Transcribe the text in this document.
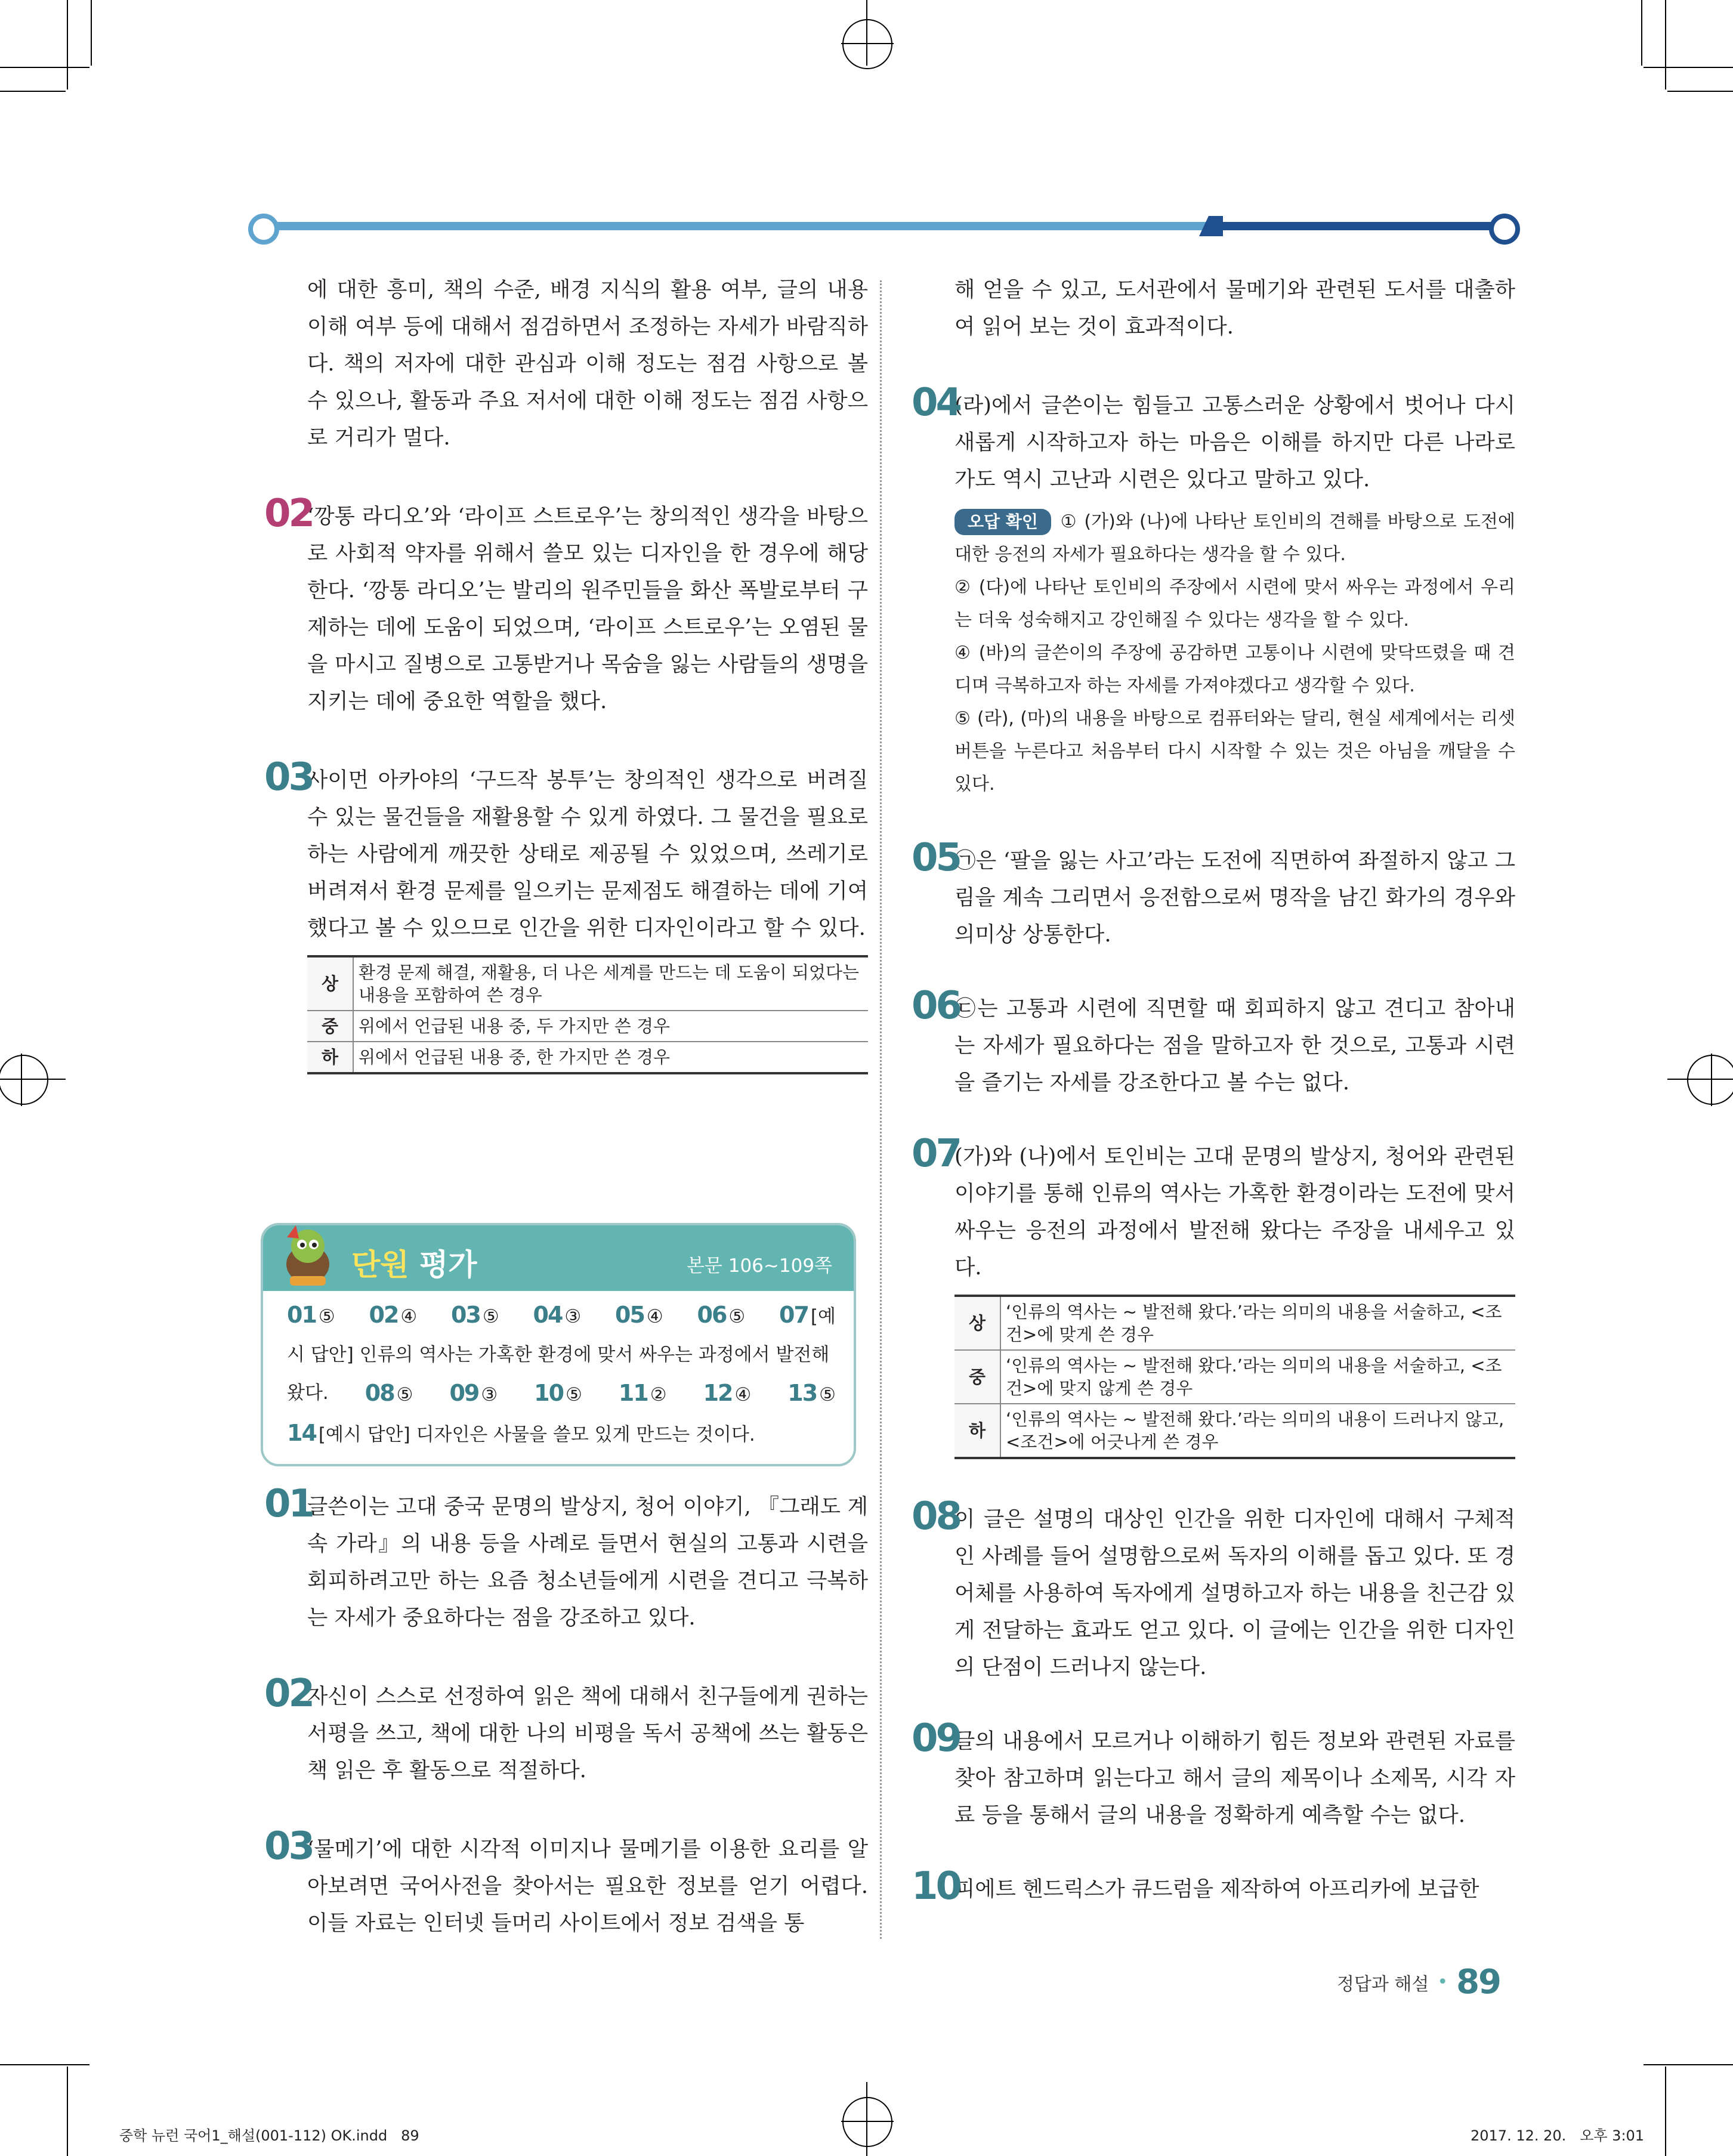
에 대한 흥미, 책의 수준, 배경 지식의 활용 여부, 글의 내용 이해 여부 등에 대해서 점검하면서 조정하는 자세가 바람직하다. 책의 저자에 대한 관심과 이해 정도는 점검 사항으로 볼 수 있으나, 활동과 주요 저서에 대한 이해 정도는 점검 사항으로 거리가 멀다.

02

‘깡통 라디오’와 ‘라이프 스트로우’는 창의적인 생각을 바탕으로 사회적 약자를 위해서 쓸모 있는 디자인을 한 경우에 해당한다. ‘깡통 라디오’는 발리의 원주민들을 화산 폭발로부터 구제하는 데에 도움이 되었으며, ‘라이프 스트로우’는 오염된 물을 마시고 질병으로 고통받거나 목숨을 잃는 사람들의 생명을 지키는 데에 중요한 역할을 했다.

03

사이먼 아카야의 ‘구드작 봉투’는 창의적인 생각으로 버려질 수 있는 물건들을 재활용할 수 있게 하였다. 그 물건을 필요로 하는 사람에게 깨끗한 상태로 제공될 수 있었으며, 쓰레기로 버려져서 환경 문제를 일으키는 문제점도 해결하는 데에 기여했다고 볼 수 있으므로 인간을 위한 디자인이라고 할 수 있다.

상	환경 문제 해결, 재활용, 더 나은 세계를 만드는 데 도움이 되었다는 내용을 포함하여 쓴 경우
중	위에서 언급된 내용 중, 두 가지만 쓴 경우
하	위에서 언급된 내용 중, 한 가지만 쓴 경우
단원 평가	본문 106~109쪽
01 ⑤ 02 ④ 03 ⑤ 04 ③ 05 ④ 06 ⑤ 07 [예
시 답안] 인류의 역사는 가혹한 환경에 맞서 싸우는 과정에서 발전해
왔다. 08 ⑤ 09 ③ 10 ⑤ 11 ② 12 ④ 13 ⑤
14 [예시 답안] 디자인은 사물을 쓸모 있게 만드는 것이다.
01

글쓴이는 고대 중국 문명의 발상지, 청어 이야기, 『그래도 계속 가라』의 내용 등을 사례로 들면서 현실의 고통과 시련을 회피하려고만 하는 요즘 청소년들에게 시련을 견디고 극복하는 자세가 중요하다는 점을 강조하고 있다.

02

자신이 스스로 선정하여 읽은 책에 대해서 친구들에게 권하는 서평을 쓰고, 책에 대한 나의 비평을 독서 공책에 쓰는 활동은 책 읽은 후 활동으로 적절하다.

03

‘물메기’에 대한 시각적 이미지나 물메기를 이용한 요리를 알아보려면 국어사전을 찾아서는 필요한 정보를 얻기 어렵다. 이들 자료는 인터넷 들머리 사이트에서 정보 검색을 통

해 얻을 수 있고, 도서관에서 물메기와 관련된 도서를 대출하여 읽어 보는 것이 효과적이다.

04

(라)에서 글쓴이는 힘들고 고통스러운 상황에서 벗어나 다시 새롭게 시작하고자 하는 마음은 이해를 하지만 다른 나라로 가도 역시 고난과 시련은 있다고 말하고 있다.

오답 확인 ① (가)와 (나)에 나타난 토인비의 견해를 바탕으로 도전에 대한 응전의 자세가 필요하다는 생각을 할 수 있다.

② (다)에 나타난 토인비의 주장에서 시련에 맞서 싸우는 과정에서 우리는 더욱 성숙해지고 강인해질 수 있다는 생각을 할 수 있다.

④ (바)의 글쓴이의 주장에 공감하면 고통이나 시련에 맞닥뜨렸을 때 견디며 극복하고자 하는 자세를 가져야겠다고 생각할 수 있다.

⑤ (라), (마)의 내용을 바탕으로 컴퓨터와는 달리, 현실 세계에서는 리셋 버튼을 누른다고 처음부터 다시 시작할 수 있는 것은 아님을 깨달을 수 있다.

05

㉠은 ‘팔을 잃는 사고’라는 도전에 직면하여 좌절하지 않고 그림을 계속 그리면서 응전함으로써 명작을 남긴 화가의 경우와 의미상 상통한다.

06

㉢는 고통과 시련에 직면할 때 회피하지 않고 견디고 참아내는 자세가 필요하다는 점을 말하고자 한 것으로, 고통과 시련을 즐기는 자세를 강조한다고 볼 수는 없다.

07

(가)와 (나)에서 토인비는 고대 문명의 발상지, 청어와 관련된 이야기를 통해 인류의 역사는 가혹한 환경이라는 도전에 맞서 싸우는 응전의 과정에서 발전해 왔다는 주장을 내세우고 있다.

상	‘인류의 역사는 ~ 발전해 왔다.’라는 의미의 내용을 서술하고, <조건>에 맞게 쓴 경우
중	‘인류의 역사는 ~ 발전해 왔다.’라는 의미의 내용을 서술하고, <조건>에 맞지 않게 쓴 경우
하	‘인류의 역사는 ~ 발전해 왔다.’라는 의미의 내용이 드러나지 않고, <조건>에 어긋나게 쓴 경우
08

이 글은 설명의 대상인 인간을 위한 디자인에 대해서 구체적인 사례를 들어 설명함으로써 독자의 이해를 돕고 있다. 또 경어체를 사용하여 독자에게 설명하고자 하는 내용을 친근감 있게 전달하는 효과도 얻고 있다. 이 글에는 인간을 위한 디자인의 단점이 드러나지 않는다.

09

글의 내용에서 모르거나 이해하기 힘든 정보와 관련된 자료를 찾아 참고하며 읽는다고 해서 글의 제목이나 소제목, 시각 자료 등을 통해서 글의 내용을 정확하게 예측할 수는 없다.

10

피에트 헨드릭스가 큐드럼을 제작하여 아프리카에 보급한

정답과 해설 • 89
중학 뉴런 국어1_해설(001-112) OK.indd   89	2017. 12. 20.   오후 3:01
